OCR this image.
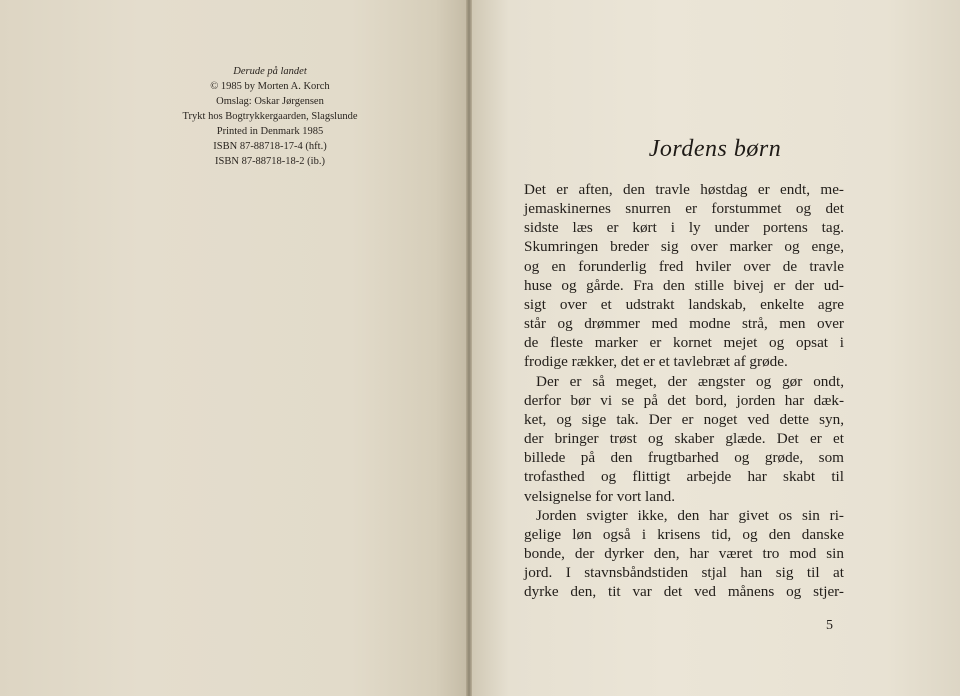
Derude på landet
© 1985 by Morten A. Korch
Omslag: Oskar Jørgensen
Trykt hos Bogtrykkergaarden, Slagslunde
Printed in Denmark 1985
ISBN 87-88718-17-4 (hft.)
ISBN 87-88718-18-2 (ib.)	Jordens børn
Det er aften, den travle høstdag er endt, me-
jemaskinernes snurren er forstummet og det
sidste læs er kørt i ly under portens tag.
Skumringen breder sig over marker og enge,
og en forunderlig fred hviler over de travle
huse og gårde. Fra den stille bivej er der ud-
sigt over et udstrakt landskab, enkelte agre
står og drømmer med modne strå, men over
de fleste marker er kornet mejet og opsat i
frodige rækker, det er et tavlebræt af grøde.
Der er så meget, der ængster og gør ondt,
derfor bør vi se på det bord, jorden har dæk-
ket, og sige tak. Der er noget ved dette syn,
der bringer trøst og skaber glæde. Det er et
billede på den frugtbarhed og grøde, som
trofasthed og flittigt arbejde har skabt til
velsignelse for vort land.
Jorden svigter ikke, den har givet os sin ri-
gelige løn også i krisens tid, og den danske
bonde, der dyrker den, har været tro mod sin
jord. I stavnsbåndstiden stjal han sig til at
dyrke den, tit var det ved månens og stjer-
5
